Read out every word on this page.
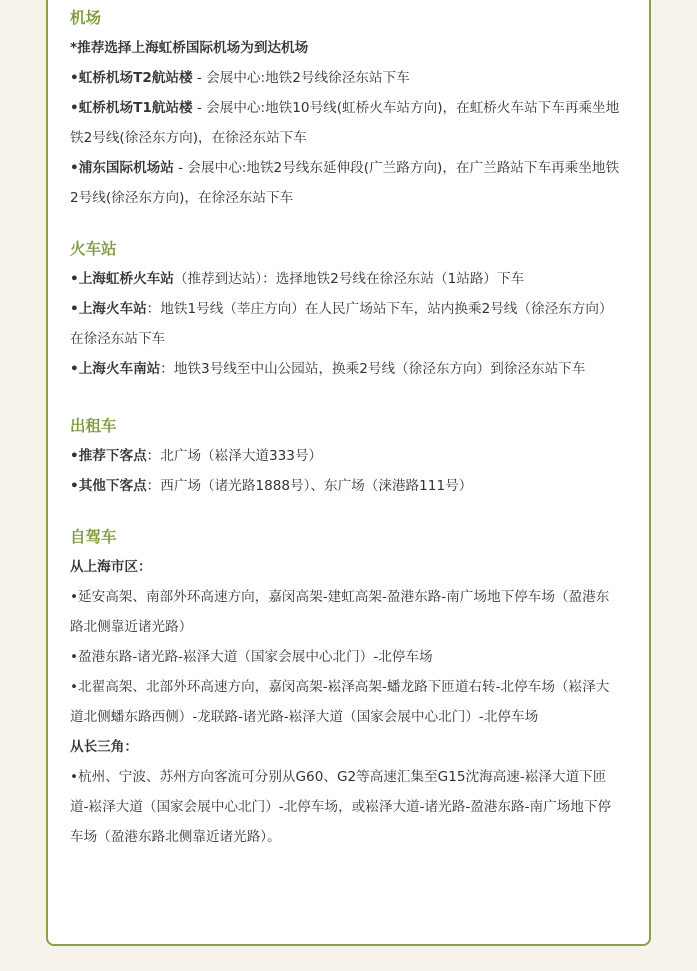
机场
*推荐选择上海虹桥国际机场为到达机场

•虹桥机场T2航站楼 - 会展中心:地铁2号线徐泾东站下车

•虹桥机场T1航站楼 - 会展中心:地铁10号线(虹桥火车站方向)，在虹桥火车站下车再乘坐地铁2号线(徐泾东方向)，在徐泾东站下车

•浦东国际机场站 - 会展中心:地铁2号线东延伸段(广兰路方向)，在广兰路站下车再乘坐地铁2号线(徐泾东方向)，在徐泾东站下车

火车站

•上海虹桥火车站（推荐到达站）：选择地铁2号线在徐泾东站（1站路）下车

•上海火车站：地铁1号线（莘庄方向）在人民广场站下车，站内换乘2号线（徐泾东方向）在徐泾东站下车

•上海火车南站：地铁3号线至中山公园站，换乘2号线（徐泾东方向）到徐泾东站下车

出租车

•推荐下客点：北广场（崧泽大道333号）

•其他下客点：西广场（诸光路1888号）、东广场（涞港路111号）

自驾车
从上海市区：

•延安高架、南部外环高速方向，嘉闵高架-建虹高架-盈港东路-南广场地下停车场（盈港东路北侧靠近诸光路）

•盈港东路-诸光路-崧泽大道（国家会展中心北门）-北停车场

•北翟高架、北部外环高速方向，嘉闵高架-崧泽高架-蟠龙路下匝道右转-北停车场（崧泽大道北侧蟠东路西侧）-龙联路-诸光路-崧泽大道（国家会展中心北门）-北停车场

从长三角：

•杭州、宁波、苏州方向客流可分别从G60、G2等高速汇集至G15沈海高速-崧泽大道下匝道-崧泽大道（国家会展中心北门）-北停车场，或崧泽大道-诸光路-盈港东路-南广场地下停车场（盈港东路北侧靠近诸光路）。
